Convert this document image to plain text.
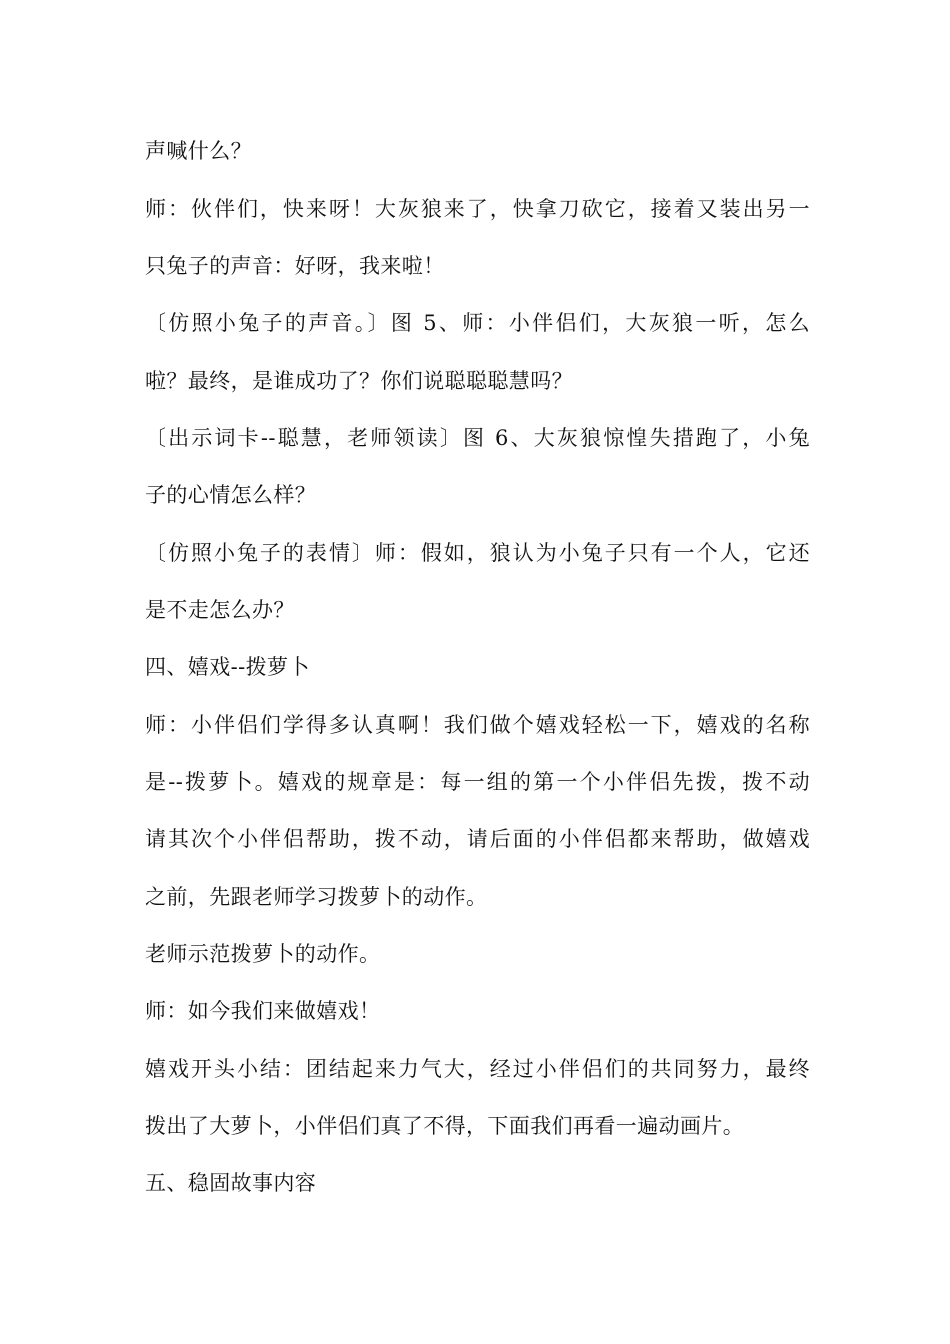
声喊什么？
师：伙伴们，快来呀！大灰狼来了，快拿刀砍它，接着又装出另一
只兔子的声音：好呀，我来啦！
〔仿照小兔子的声音。〕图 5、师：小伴侣们，大灰狼一听，怎么
啦？最终，是谁成功了？你们说聪聪聪慧吗？
〔出示词卡--聪慧，老师领读〕图 6、大灰狼惊惶失措跑了，小兔
子的心情怎么样？
〔仿照小兔子的表情〕师：假如，狼认为小兔子只有一个人，它还
是不走怎么办？
四、嬉戏--拨萝卜
师：小伴侣们学得多认真啊！我们做个嬉戏轻松一下，嬉戏的名称
是--拨萝卜。嬉戏的规章是：每一组的第一个小伴侣先拨，拨不动
请其次个小伴侣帮助，拨不动，请后面的小伴侣都来帮助，做嬉戏
之前，先跟老师学习拨萝卜的动作。
老师示范拨萝卜的动作。
师：如今我们来做嬉戏！
嬉戏开头小结：团结起来力气大，经过小伴侣们的共同努力，最终
拨出了大萝卜，小伴侣们真了不得，下面我们再看一遍动画片。
五、稳固故事内容
